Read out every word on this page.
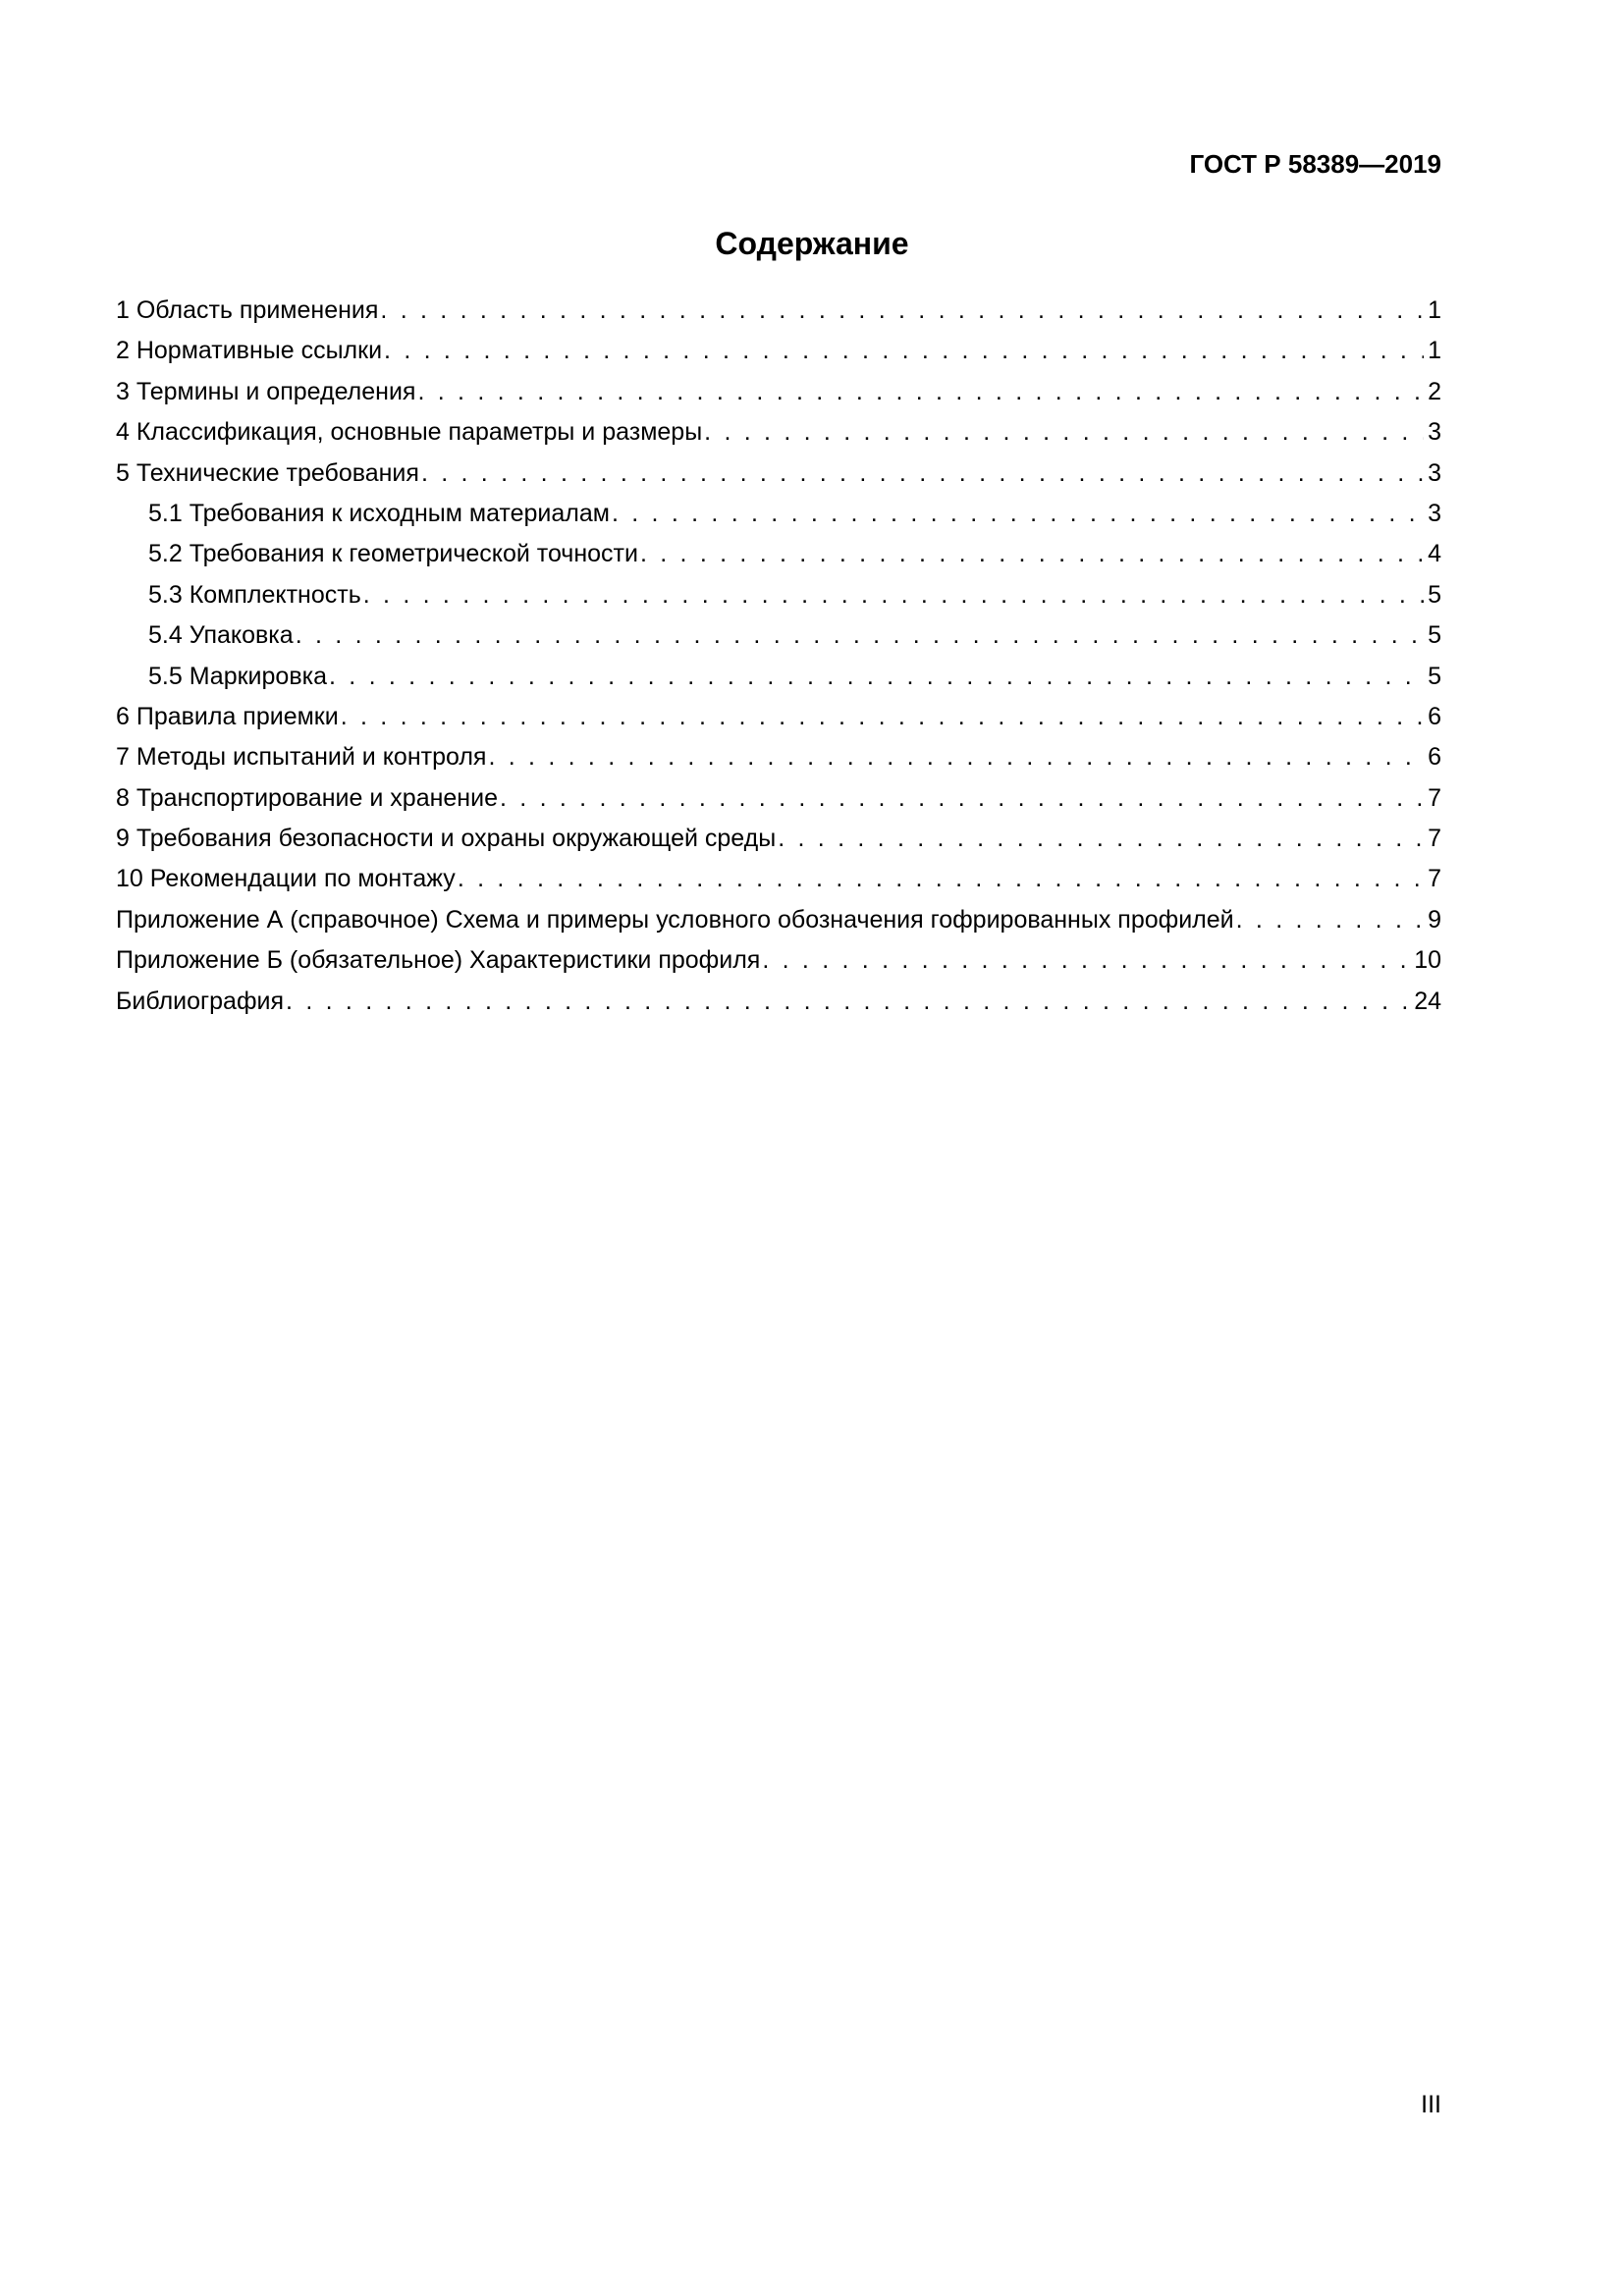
ГОСТ Р 58389—2019
Содержание
1 Область применения . . .	1
2 Нормативные ссылки . . .	1
3 Термины и определения . . .	2
4 Классификация, основные параметры и размеры . . .	3
5 Технические требования . . .	3
5.1 Требования к исходным материалам . . .	3
5.2 Требования к геометрической точности . . .	4
5.3 Комплектность . . .	5
5.4 Упаковка . . .	5
5.5 Маркировка . . .	5
6 Правила приемки . . .	6
7 Методы испытаний и контроля . . .	6
8 Транспортирование и хранение . . .	7
9 Требования безопасности и охраны окружающей среды . . .	7
10 Рекомендации по монтажу . . .	7
Приложение А (справочное) Схема и примеры условного обозначения гофрированных профилей . . .	9
Приложение Б (обязательное) Характеристики профиля . . .	10
Библиография . . .	24
III
